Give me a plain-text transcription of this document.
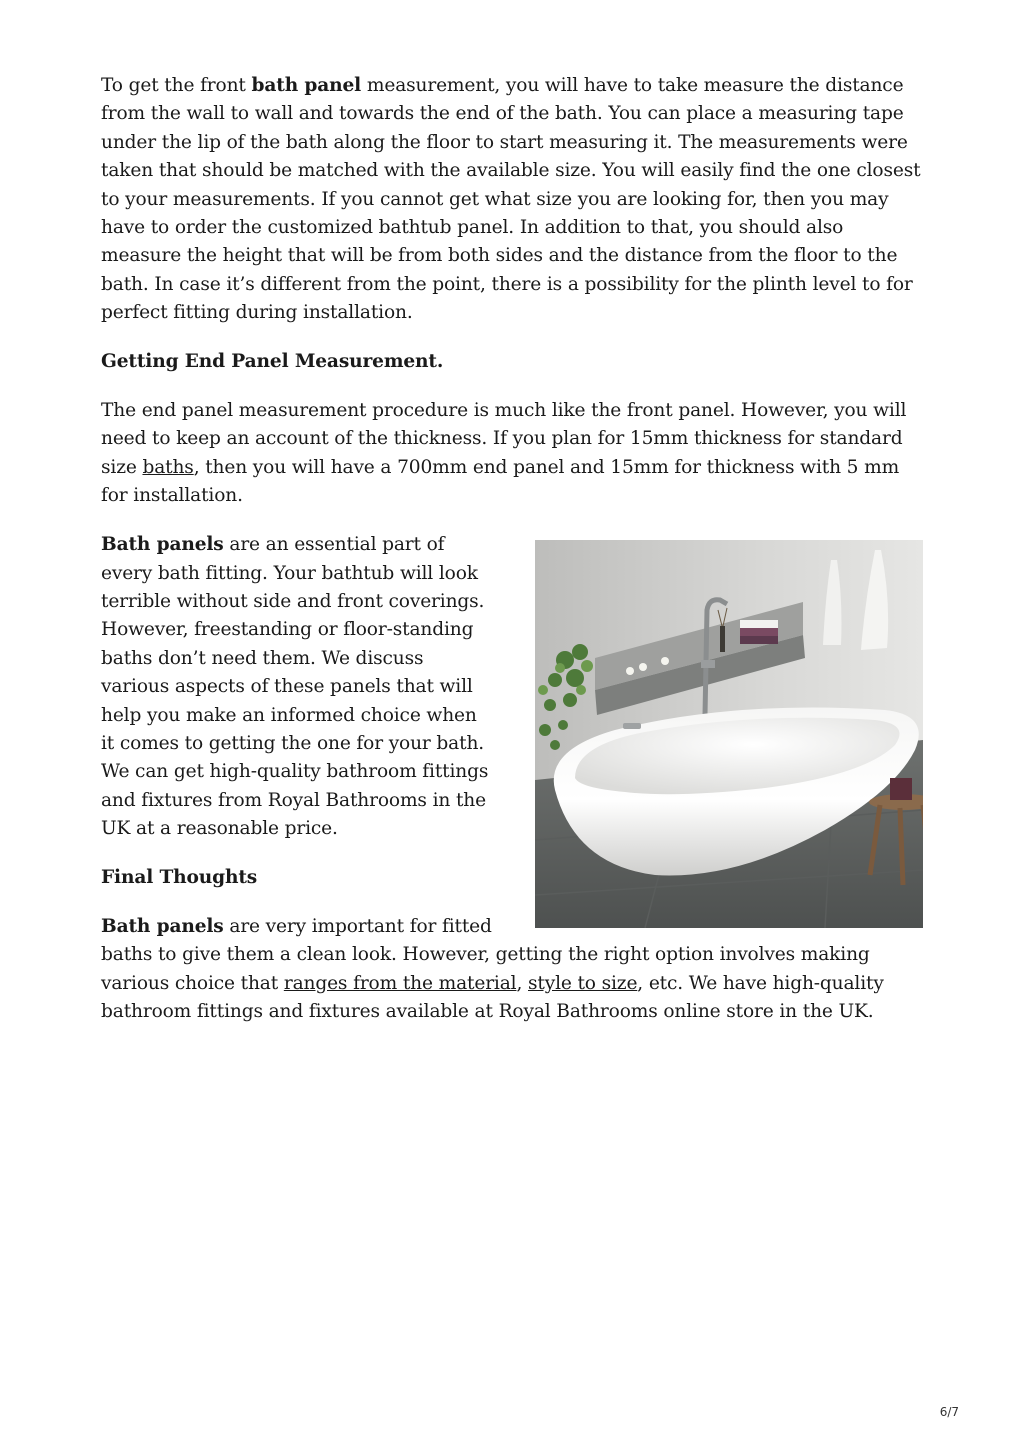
To get the front bath panel measurement, you will have to take measure the distance from the wall to wall and towards the end of the bath. You can place a measuring tape under the lip of the bath along the floor to start measuring it. The measurements were taken that should be matched with the available size. You will easily find the one closest to your measurements. If you cannot get what size you are looking for, then you may have to order the customized bathtub panel. In addition to that, you should also measure the height that will be from both sides and the distance from the floor to the bath. In case it’s different from the point, there is a possibility for the plinth level to for perfect fitting during installation.

Getting End Panel Measurement.

The end panel measurement procedure is much like the front panel. However, you will need to keep an account of the thickness. If you plan for 15mm thickness for standard size baths, then you will have a 700mm end panel and 15mm for thickness with 5 mm for installation.

Bath panels are an essential part of every bath fitting. Your bathtub will look terrible without side and front coverings. However, freestanding or floor-standing baths don’t need them. We discuss various aspects of these panels that will help you make an informed choice when it comes to getting the one for your bath. We can get high-quality bathroom fittings and fixtures from Royal Bathrooms in the UK at a reasonable price.

Final Thoughts

Bath panels are very important for fitted baths to give them a clean look. However, getting the right option involves making various choice that ranges from the material, style to size, etc. We have high-quality bathroom fittings and fixtures available at Royal Bathrooms online store in the UK.

6/7
